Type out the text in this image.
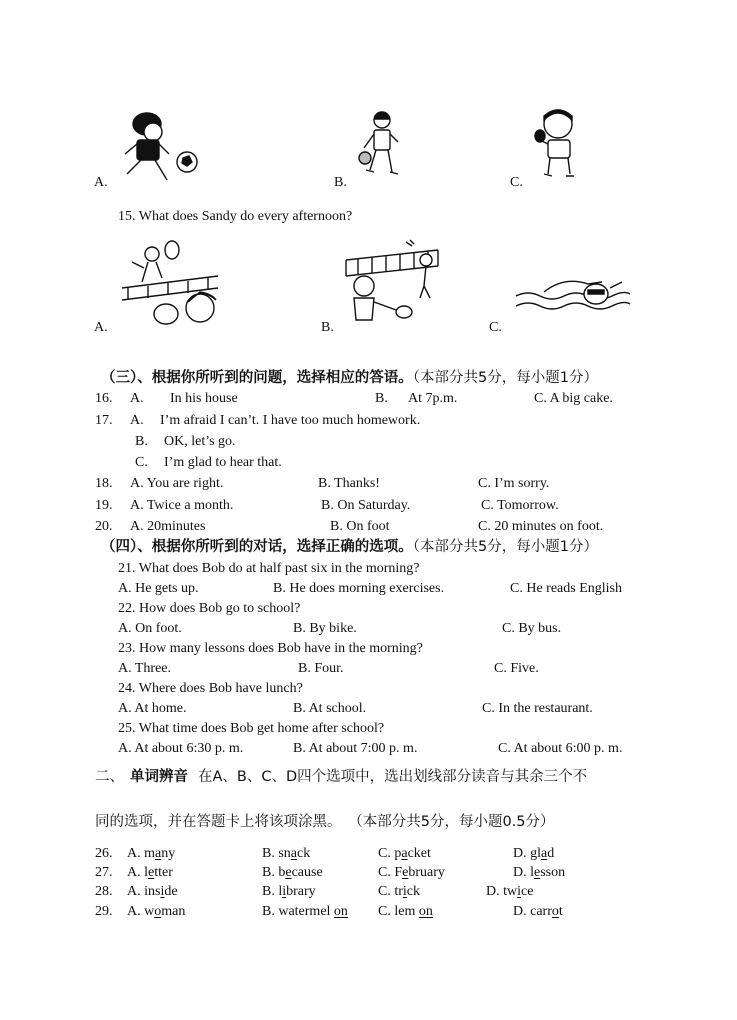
A.	B.	C.
15. What does Sandy do every afternoon?
A.	B.	C.
（三）、根据你所听到的问题，选择相应的答语。（本部分共5分，每小题1分）
16. A. In his house	B. At 7p.m.	C. A big cake.
17. A. I’m afraid I can’t. I have too much homework.
B. OK, let’s go.
C. I’m glad to hear that.
18. A. You are right.	B. Thanks!	C. I’m sorry.
19. A. Twice a month.	B. On Saturday.	C. Tomorrow.
20. A. 20minutes	B. On foot	C. 20 minutes on foot.
（四）、根据你所听到的对话，选择正确的选项。（本部分共5分，每小题1分）
21. What does Bob do at half past six in the morning?
A. He gets up.	B. He does morning exercises.	C. He reads English
22. How does Bob go to school?
A. On foot.	B. By bike.	C. By bus.
23. How many lessons does Bob have in the morning?
A. Three.	B. Four.	C. Five.
24. Where does Bob have lunch?
A. At home.	B. At school.	C. In the restaurant.
25. What time does Bob get home after school?
A. At about 6:30 p. m.	B. At about 7:00 p. m.	C. At about 6:00 p. m.
二、 单词辨音 在A、B、C、D四个选项中，选出划线部分读音与其余三个不
同的选项，并在答题卡上将该项涂黑。 （本部分共5分，每小题0.5分）
26. A. many	B. snack	C. packet	D. glad
27. A. letter	B. because	C. February	D. lesson
28. A. inside	B. library	C. trick	D. twice
29. A. woman	B. watermel on C. lem on	D. carrot
